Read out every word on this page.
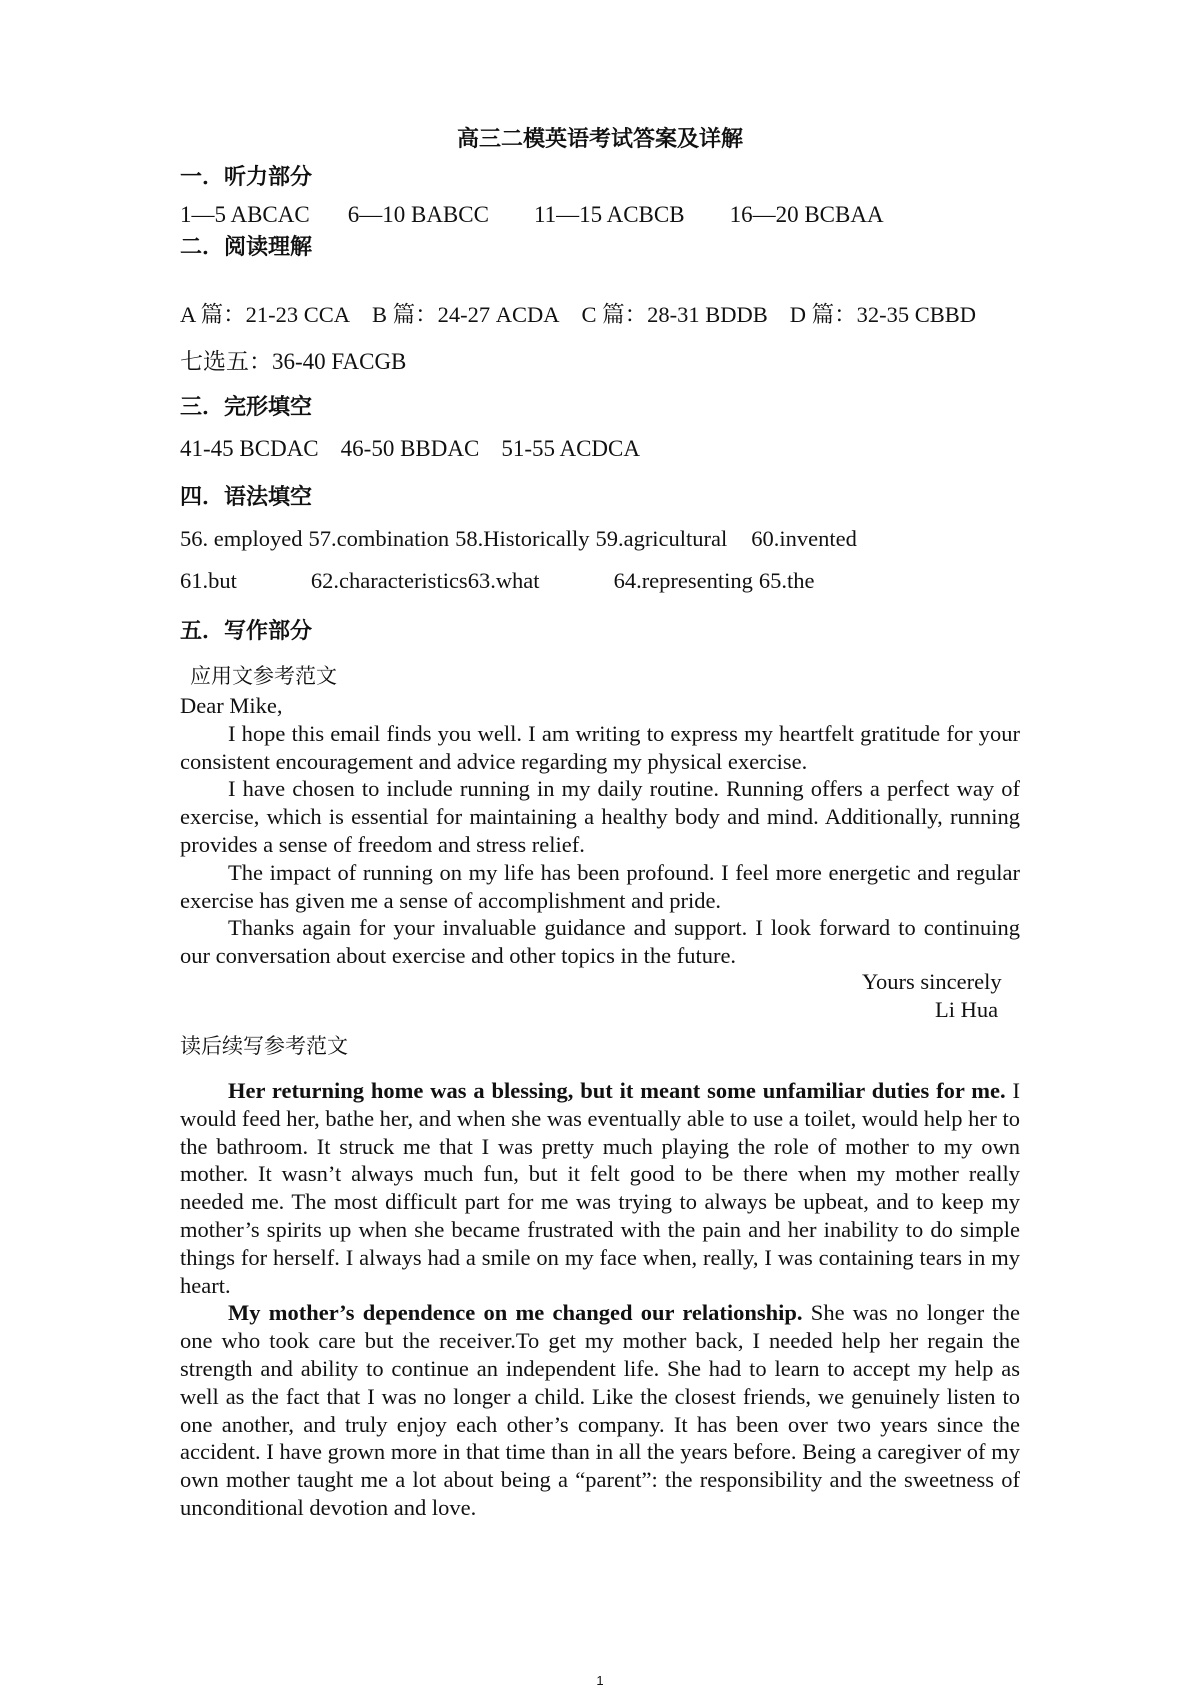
高三二模英语考试答案及详解
一．听力部分
1—5 ABCAC 6—10 BABCC 11—15 ACBCB 16—20 BCBAA
二．阅读理解
A 篇：21-23 CCA B 篇：24-27 ACDA C 篇：28-31 BDDB D 篇：32-35 CBBD
七选五：36-40 FACGB
三．完形填空
41-45 BCDAC 46-50 BBDAC 51-55 ACDCA
四．语法填空
56. employed 57.combination 58.Historically 59.agricultural 60.invented
61.but	62.characteristics63.what	64.representing 65.the
五．写作部分
应用文参考范文
Dear Mike,
I hope this email finds you well. I am writing to express my heartfelt gratitude for your consistent encouragement and advice regarding my physical exercise.
I have chosen to include running in my daily routine. Running offers a perfect way of exercise, which is essential for maintaining a healthy body and mind. Additionally, running provides a sense of freedom and stress relief.
The impact of running on my life has been profound. I feel more energetic and regular exercise has given me a sense of accomplishment and pride.
Thanks again for your invaluable guidance and support. I look forward to continuing our conversation about exercise and other topics in the future.
Yours sincerely
Li Hua
读后续写参考范文
Her returning home was a blessing, but it meant some unfamiliar duties for me. I would feed her, bathe her, and when she was eventually able to use a toilet, would help her to the bathroom. It struck me that I was pretty much playing the role of mother to my own mother. It wasn’t always much fun, but it felt good to be there when my mother really needed me. The most difficult part for me was trying to always be upbeat, and to keep my mother’s spirits up when she became frustrated with the pain and her inability to do simple things for herself. I always had a smile on my face when, really, I was containing tears in my heart.
My mother’s dependence on me changed our relationship. She was no longer the one who took care but the receiver.To get my mother back, I needed help her regain the strength and ability to continue an independent life. She had to learn to accept my help as well as the fact that I was no longer a child. Like the closest friends, we genuinely listen to one another, and truly enjoy each other’s company. It has been over two years since the accident. I have grown more in that time than in all the years before. Being a caregiver of my own mother taught me a lot about being a “parent”: the responsibility and the sweetness of unconditional devotion and love.
1
